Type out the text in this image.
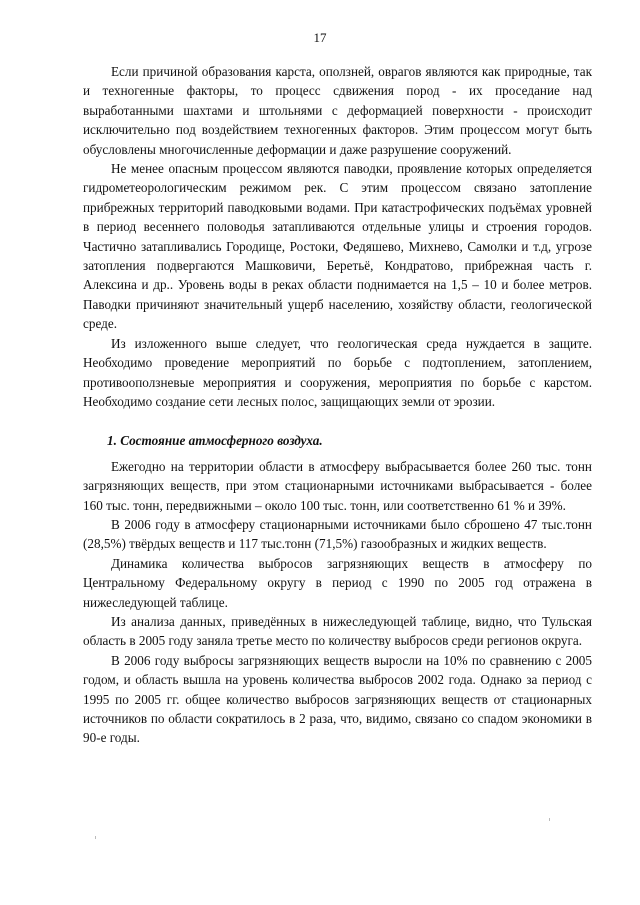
17

Если причиной образования карста, оползней, оврагов являются как природные, так и техногенные факторы, то процесс сдвижения пород - их проседание над выработанными шахтами и штольнями с деформацией поверхности - происходит исключительно под воздействием техногенных факторов. Этим процессом могут быть обусловлены многочисленные деформации и даже разрушение сооружений.

Не менее опасным процессом являются паводки, проявление которых определяется гидрометеорологическим режимом рек. С этим процессом связано затопление прибрежных территорий паводковыми водами. При катастрофических подъёмах уровней в период весеннего половодья затапливаются отдельные улицы и строения городов. Частично затапливались Городище, Ростоки, Федяшево, Михнево, Самолки и т.д, угрозе затопления подвергаются Машковичи, Беретьё, Кондратово, прибрежная часть г. Алексина и др.. Уровень воды в реках области поднимается на 1,5 – 10 и более метров. Паводки причиняют значительный ущерб населению, хозяйству области, геологической среде.

Из изложенного выше следует, что геологическая среда нуждается в защите. Необходимо проведение мероприятий по борьбе с подтоплением, затоплением, противооползневые мероприятия и сооружения, мероприятия по борьбе с карстом. Необходимо создание сети лесных полос, защищающих земли от эрозии.

1. Состояние атмосферного воздуха.

Ежегодно на территории области в атмосферу выбрасывается более 260 тыс. тонн загрязняющих веществ, при этом стационарными источниками выбрасывается - более 160 тыс. тонн, передвижными – около 100 тыс. тонн, или соответственно 61 % и 39%.

В 2006 году в атмосферу стационарными источниками было сброшено 47 тыс.тонн (28,5%) твёрдых веществ и 117 тыс.тонн (71,5%) газообразных и жидких веществ.

Динамика количества выбросов загрязняющих веществ в атмосферу по Центральному Федеральному округу в период с 1990 по 2005 год отражена в нижеследующей таблице.

Из анализа данных, приведённых в нижеследующей таблице, видно, что Тульская область в 2005 году заняла третье место по количеству выбросов среди регионов округа.

В 2006 году выбросы загрязняющих веществ выросли на 10% по сравнению с 2005 годом, и область вышла на уровень количества выбросов 2002 года. Однако за период с 1995 по 2005 гг. общее количество выбросов загрязняющих веществ от стационарных источников по области сократилось в 2 раза, что, видимо, связано со спадом экономики в 90-е годы.
